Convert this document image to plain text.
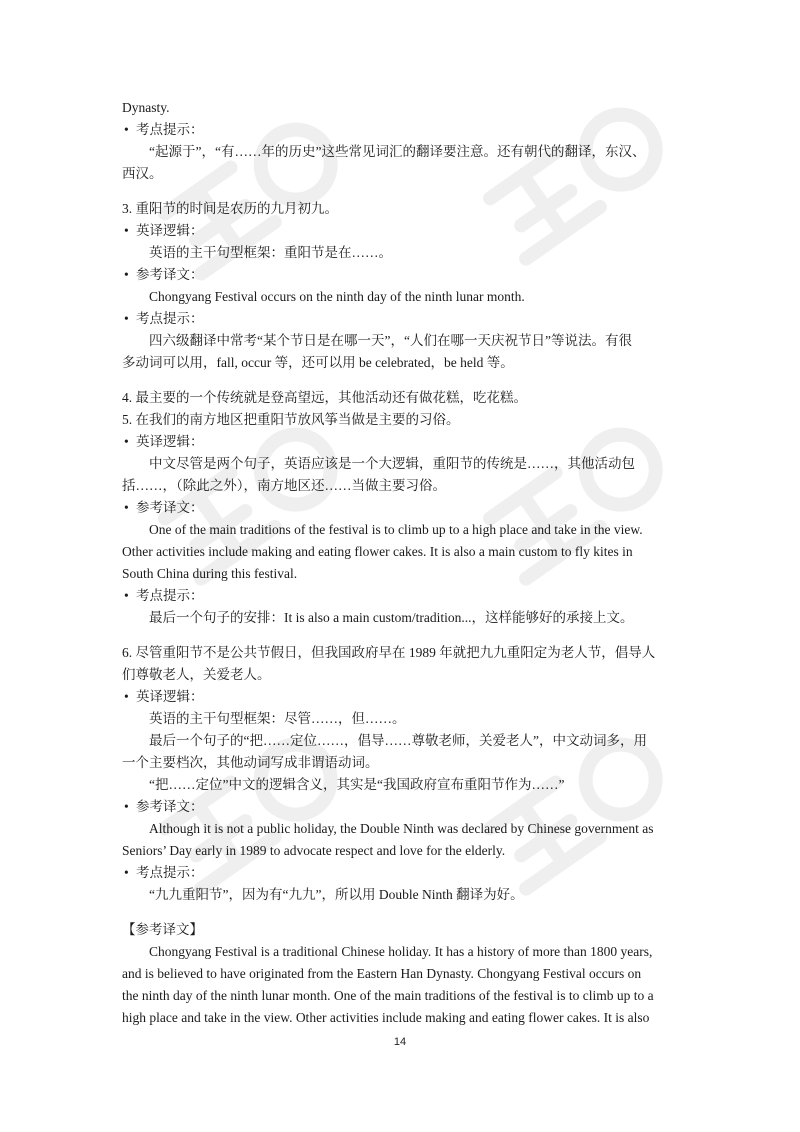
Dynasty.
• 考点提示：
“起源于”，“有……年的历史”这些常见词汇的翻译要注意。还有朝代的翻译，东汉、
西汉。
3. 重阳节的时间是农历的九月初九。
• 英译逻辑：
英语的主干句型框架：重阳节是在……。
• 参考译文：
Chongyang Festival occurs on the ninth day of the ninth lunar month.
• 考点提示：
四六级翻译中常考“某个节日是在哪一天”，“人们在哪一天庆祝节日”等说法。有很
多动词可以用，fall, occur 等，还可以用 be celebrated，be held 等。
4. 最主要的一个传统就是登高望远，其他活动还有做花糕，吃花糕。
5. 在我们的南方地区把重阳节放风筝当做是主要的习俗。
• 英译逻辑：
中文尽管是两个句子，英语应该是一个大逻辑，重阳节的传统是……，其他活动包
括……，（除此之外），南方地区还……当做主要习俗。
• 参考译文：
One of the main traditions of the festival is to climb up to a high place and take in the view.
Other activities include making and eating flower cakes. It is also a main custom to fly kites in
South China during this festival.
• 考点提示：
最后一个句子的安排：It is also a main custom/tradition...，这样能够好的承接上文。
6. 尽管重阳节不是公共节假日，但我国政府早在 1989 年就把九九重阳定为老人节，倡导人
们尊敬老人，关爱老人。
• 英译逻辑：
英语的主干句型框架：尽管……，但……。
最后一个句子的“把……定位……，倡导……尊敬老师，关爱老人”，中文动词多，用
一个主要档次，其他动词写成非谓语动词。
“把……定位”中文的逻辑含义，其实是“我国政府宣布重阳节作为……”
• 参考译文：
Although it is not a public holiday, the Double Ninth was declared by Chinese government as
Seniors’ Day early in 1989 to advocate respect and love for the elderly.
• 考点提示：
“九九重阳节”，因为有“九九”，所以用 Double Ninth 翻译为好。
【参考译文】
Chongyang Festival is a traditional Chinese holiday. It has a history of more than 1800 years,
and is believed to have originated from the Eastern Han Dynasty. Chongyang Festival occurs on
the ninth day of the ninth lunar month. One of the main traditions of the festival is to climb up to a
high place and take in the view. Other activities include making and eating flower cakes. It is also
14
